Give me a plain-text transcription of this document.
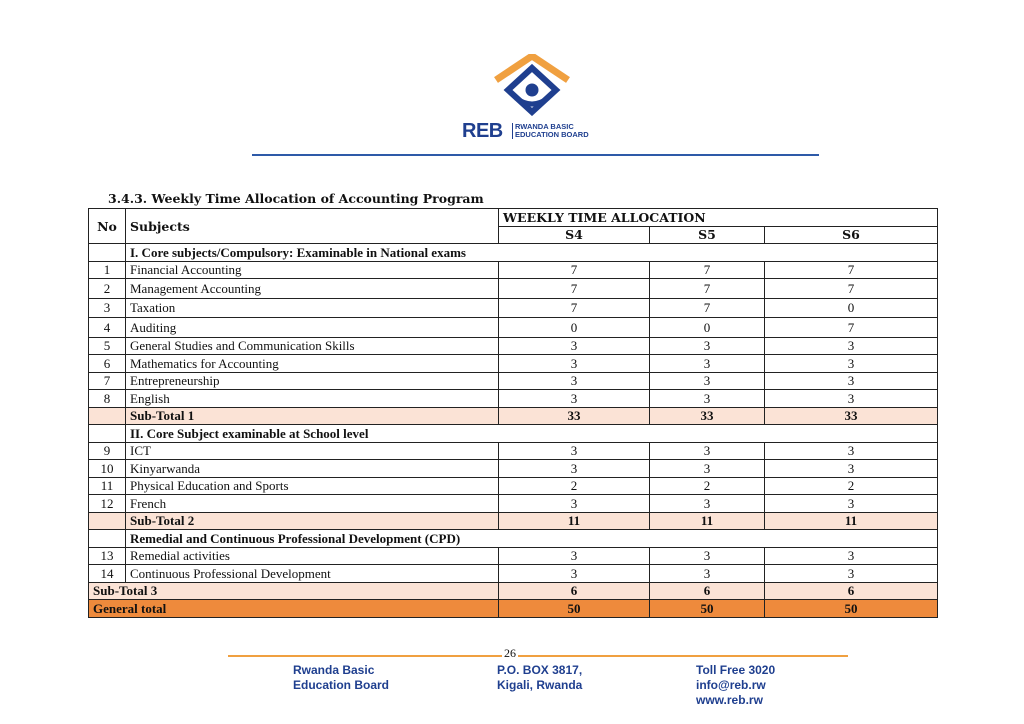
REB	RWANDA BASIC
EDUCATION BOARD
3.4.3. Weekly Time Allocation of Accounting Program
No	Subjects	WEEKLY TIME ALLOCATION		
		S4	S5	S6
	I. Core subjects/Compulsory: Examinable in National exams			
1	Financial Accounting	7	7	7
2	Management Accounting	7	7	7
3	Taxation	7	7	0
4	Auditing	0	0	7
5	General Studies and Communication Skills	3	3	3
6	Mathematics for Accounting	3	3	3
7	Entrepreneurship	3	3	3
8	English	3	3	3
	Sub-Total 1	33	33	33
	II. Core Subject examinable at School level			
9	ICT	3	3	3
10	Kinyarwanda	3	3	3
11	Physical Education and Sports	2	2	2
12	French	3	3	3
	Sub-Total 2	11	11	11
	Remedial and Continuous Professional Development (CPD)			
13	Remedial activities	3	3	3
14	Continuous Professional Development	3	3	3
Sub-Total 3		6	6	6
General total		50	50	50
26
Rwanda Basic
Education Board
P.O. BOX 3817,
Kigali, Rwanda
Toll Free 3020
info@reb.rw
www.reb.rw
